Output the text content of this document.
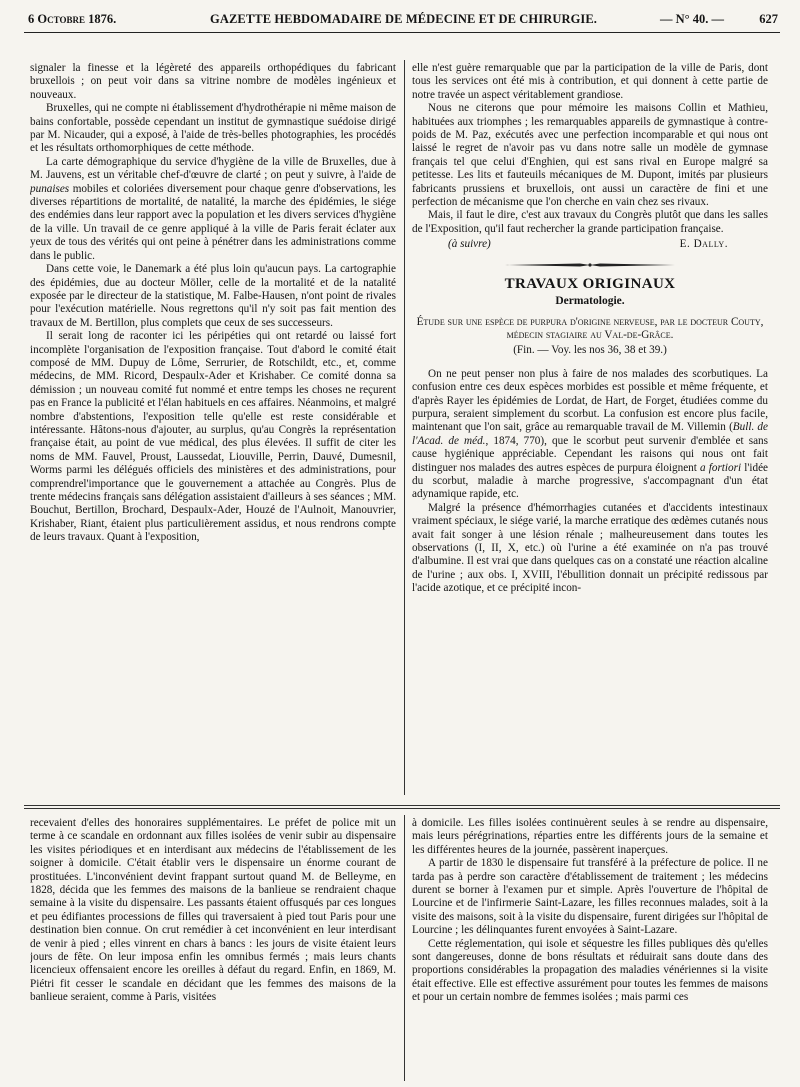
6 Octobre 1876.	GAZETTE HEBDOMADAIRE DE MÉDECINE ET DE CHIRURGIE.	— N° 40. —	627

signaler la finesse et la légèreté des appareils orthopédiques du fabricant bruxellois ; on peut voir dans sa vitrine nombre de modèles ingénieux et nouveaux.

Bruxelles, qui ne compte ni établissement d'hydrothérapie ni même maison de bains confortable, possède cependant un institut de gymnastique suédoise dirigé par M. Nicauder, qui a exposé, à l'aide de très-belles photographies, les procédés et les résultats orthomorphiques de cette méthode.

La carte démographique du service d'hygiène de la ville de Bruxelles, due à M. Jauvens, est un véritable chef-d'œuvre de clarté ; on peut y suivre, à l'aide de punaises mobiles et coloriées diversement pour chaque genre d'observations, les diverses répartitions de mortalité, de natalité, la marche des épidémies, le siége des endémies dans leur rapport avec la population et les divers services d'hygiène de la ville. Un travail de ce genre appliqué à la ville de Paris ferait éclater aux yeux de tous des vérités qui ont peine à pénétrer dans les administrations comme dans le public.

Dans cette voie, le Danemark a été plus loin qu'aucun pays. La cartographie des épidémies, due au docteur Möller, celle de la mortalité et de la natalité exposée par le directeur de la statistique, M. Falbe-Hausen, n'ont point de rivales pour l'exécution matérielle. Nous regrettons qu'il n'y soit pas fait mention des travaux de M. Bertillon, plus complets que ceux de ses successeurs.

Il serait long de raconter ici les péripéties qui ont retardé ou laissé fort incomplète l'organisation de l'exposition française. Tout d'abord le comité était composé de MM. Dupuy de Lôme, Serrurier, de Rotschildt, etc., et, comme médecins, de MM. Ricord, Despaulx-Ader et Krishaber. Ce comité donna sa démission ; un nouveau comité fut nommé et entre temps les choses ne reçurent pas en France la publicité et l'élan habituels en ces affaires. Néanmoins, et malgré nombre d'abstentions, l'exposition telle qu'elle est reste considérable et intéressante. Hâtons-nous d'ajouter, au surplus, qu'au Congrès la représentation française était, au point de vue médical, des plus élevées. Il suffit de citer les noms de MM. Fauvel, Proust, Laussedat, Liouville, Perrin, Dauvé, Dumesnil, Worms parmi les délégués officiels des ministères et des administrations, pour comprendrel'importance que le gouvernement a attachée au Congrès. Plus de trente médecins français sans délégation assistaient d'ailleurs à ses séances ; MM. Bouchut, Bertillon, Brochard, Despaulx-Ader, Houzé de l'Aulnoit, Manouvrier, Krishaber, Riant, étaient plus particulièrement assidus, et nous rendrons compte de leurs travaux. Quant à l'exposition,

elle n'est guère remarquable que par la participation de la ville de Paris, dont tous les services ont été mis à contribution, et qui donnent à cette partie de notre travée un aspect véritablement grandiose.

Nous ne citerons que pour mémoire les maisons Collin et Mathieu, habituées aux triomphes ; les remarquables appareils de gymnastique à contre-poids de M. Paz, exécutés avec une perfection incomparable et qui nous ont laissé le regret de n'avoir pas vu dans notre salle un modèle de gymnase français tel que celui d'Enghien, qui est sans rival en Europe malgré sa petitesse. Les lits et fauteuils mécaniques de M. Dupont, imités par plusieurs fabricants prussiens et bruxellois, ont aussi un caractère de fini et une perfection de mécanisme que l'on cherche en vain chez ses rivaux.

Mais, il faut le dire, c'est aux travaux du Congrès plutôt que dans les salles de l'Exposition, qu'il faut rechercher la grande participation française.

(à suivre)	E. Dally.
TRAVAUX ORIGINAUX
Dermatologie.
Étude sur une espèce de purpura d'origine nerveuse, par le docteur Couty, médecin stagiaire au Val-de-Grâce.
(Fin. — Voy. les nos 36, 38 et 39.)

On ne peut penser non plus à faire de nos malades des scorbutiques. La confusion entre ces deux espèces morbides est possible et même fréquente, et d'après Rayer les épidémies de Lordat, de Hart, de Forget, étudiées comme du purpura, seraient simplement du scorbut. La confusion est encore plus facile, maintenant que l'on sait, grâce au remarquable travail de M. Villemin (Bull. de l'Acad. de méd., 1874, 770), que le scorbut peut survenir d'emblée et sans cause hygiénique appréciable. Cependant les raisons qui nous ont fait distinguer nos malades des autres espèces de purpura éloignent a fortiori l'idée du scorbut, maladie à marche progressive, s'accompagnant d'un état adynamique rapide, etc.

Malgré la présence d'hémorrhagies cutanées et d'accidents intestinaux vraiment spéciaux, le siége varié, la marche erratique des œdèmes cutanés nous avait fait songer à une lésion rénale ; malheureusement dans toutes les observations (I, II, X, etc.) où l'urine a été examinée on n'a pas trouvé d'albumine. Il est vrai que dans quelques cas on a constaté une réaction alcaline de l'urine ; aux obs. I, XVIII, l'ébullition donnait un précipité redissous par l'acide azotique, et ce précipité incon-

recevaient d'elles des honoraires supplémentaires. Le préfet de police mit un terme à ce scandale en ordonnant aux filles isolées de venir subir au dispensaire les visites périodiques et en interdisant aux médecins de l'établissement de les soigner à domicile. C'était établir vers le dispensaire un énorme courant de prostituées. L'inconvénient devint frappant surtout quand M. de Belleyme, en 1828, décida que les femmes des maisons de la banlieue se rendraient chaque semaine à la visite du dispensaire. Les passants étaient offusqués par ces longues et peu édifiantes processions de filles qui traversaient à pied tout Paris pour une destination bien connue. On crut remédier à cet inconvénient en leur interdisant de venir à pied ; elles vinrent en chars à bancs : les jours de visite étaient leurs jours de fête. On leur imposa enfin les omnibus fermés ; mais leurs chants licencieux offensaient encore les oreilles à défaut du regard. Enfin, en 1869, M. Piétri fit cesser le scandale en décidant que les femmes des maisons de la banlieue seraient, comme à Paris, visitées

à domicile. Les filles isolées continuèrent seules à se rendre au dispensaire, mais leurs pérégrinations, réparties entre les différents jours de la semaine et les différentes heures de la journée, passèrent inaperçues.

A partir de 1830 le dispensaire fut transféré à la préfecture de police. Il ne tarda pas à perdre son caractère d'établissement de traitement ; les médecins durent se borner à l'examen pur et simple. Après l'ouverture de l'hôpital de Lourcine et de l'infirmerie Saint-Lazare, les filles reconnues malades, soit à la visite des maisons, soit à la visite du dispensaire, furent dirigées sur l'hôpital de Lourcine ; les délinquantes furent envoyées à Saint-Lazare.

Cette réglementation, qui isole et séquestre les filles publiques dès qu'elles sont dangereuses, donne de bons résultats et réduirait sans doute dans des proportions considérables la propagation des maladies vénériennes si la visite était effective. Elle est effective assurément pour toutes les femmes de maisons et pour un certain nombre de femmes isolées ; mais parmi ces
